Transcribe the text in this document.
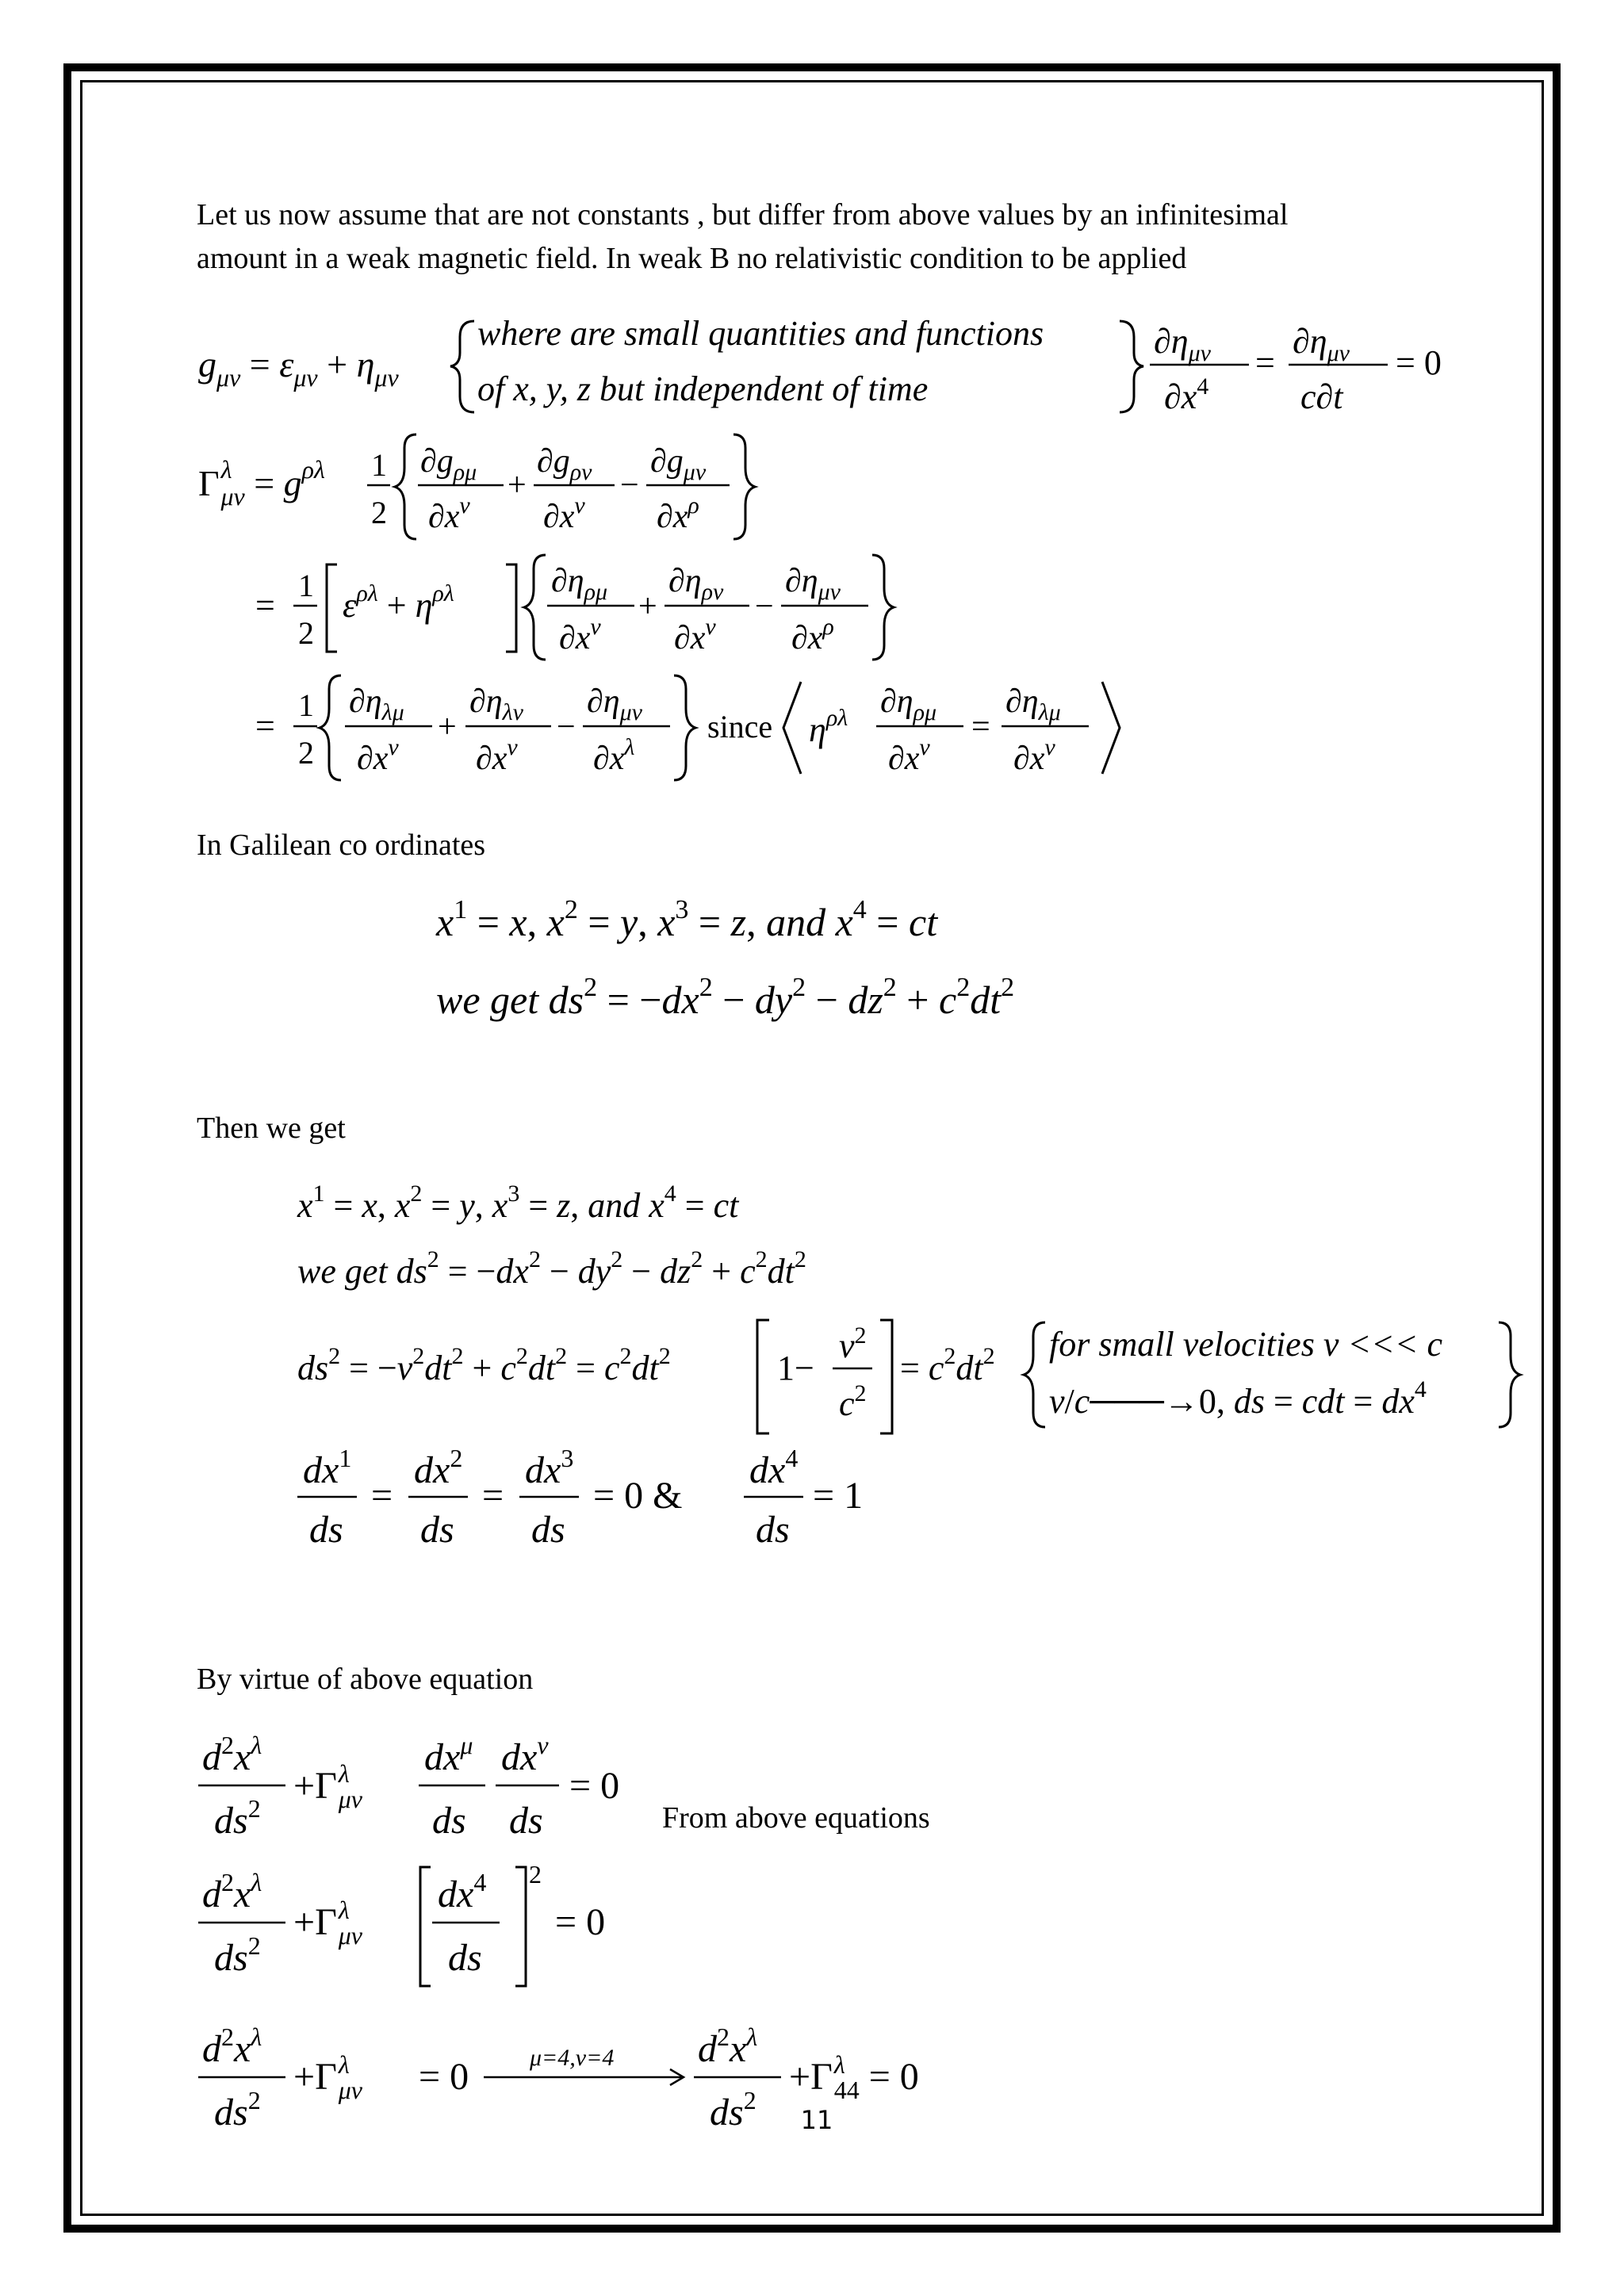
Let us now assume that are not constants , but differ from above values by an infinitesimal

amount in a weak magnetic field. In weak B no relativistic condition to be applied

In Galilean co ordinates

Then we get

By virtue of above equation

From above equations

$g_{\mu\nu} = \varepsilon_{\mu\nu} + \eta_{\mu\nu}$
where are small quantities and functions
of x, y, z but independent of time
$\partial\eta_{\mu\nu}$
$\partial x^4$
=
$\partial\eta_{\mu\nu}$
c∂t
= 0
$\Gamma^\lambda$ $\mu\nu = g^{\rho\lambda}$ 1
2
$\partial g_{\rho\mu}$
$\partial x^\nu$
+
$\partial g_{\rho\nu}$
$\partial x^\nu$
−
$\partial g_{\mu\nu}$
$\partial x^\rho$
=
1
2
$\varepsilon^{\rho\lambda} + \eta^{\rho\lambda}$	$\partial\eta_{\rho\mu}$
$\partial x^\nu$
+
$\partial\eta_{\rho\nu}$
$\partial x^\nu$
−
$\partial\eta_{\mu\nu}$
$\partial x^\rho$
=
1
2
$\partial\eta_{\lambda\mu}$
$\partial x^\nu$
+
$\partial\eta_{\lambda\nu}$
$\partial x^\nu$
−
$\partial\eta_{\mu\nu}$
$\partial x^\lambda$
since $\eta^{\rho\lambda}$ $\partial\eta_{\rho\mu}$
$\partial x^\nu$
=
$\partial\eta_{\lambda\mu}$
$\partial x^\nu$
$x^1 = x$, $x^2 = y$, $x^3 = z$, and $x^4$ = ct
we get $ds^2 = -dx^2 - dy^2 - dz^2 + c^2dt^2$
$x^1 = x$, $x^2 = y$, $x^3 = z$, and $x^4$ = ct
we get $ds^2 = -dx^2 - dy^2 - dz^2 + c^2dt^2$
$ds^2 = -v^2dt^2 + c^2dt^2 = c^2dt^2$	1−
$v^2$
$c^2$
= $c^2dt^2$ for small velocities v <<< c
v/c───→0, ds = cdt = $dx^4$
$dx^1$
ds
=
$dx^2$
ds
=
$dx^3$
ds
= 0 &
$dx^4$
ds
= 1
$d^2x^\lambda$
$ds^2$
$+\Gamma^\lambda$ μν
$dx^\mu$
ds
$dx^\nu$
ds
= 0
$d^2x^\lambda$
$ds^2$
$+\Gamma^\lambda$ μν
$dx^4$
ds
2
= 0
$d^2x^\lambda$
$ds^2$
$+\Gamma^\lambda$ μν = 0	μ=4,ν=4 $d^2x^\lambda$
$ds^2$
$+\Gamma^\lambda$ 44 = 0
11
